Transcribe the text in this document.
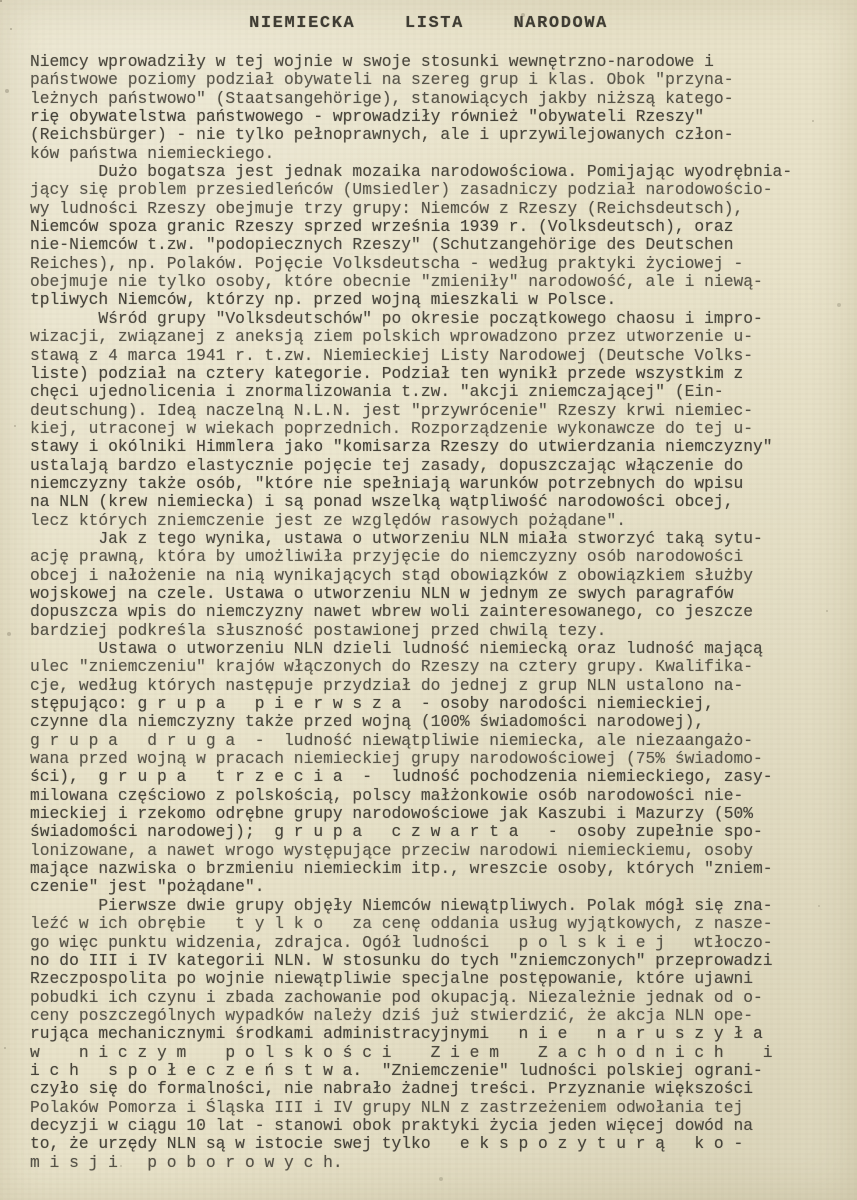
NIEMIECKA  LISTA  NARODOWA
Niemcy wprowadziły w tej wojnie w swoje stosunki wewnętrzno-narodowe i
państwowe poziomy podział obywateli na szereg grup i klas. Obok "przyna-
leżnych państwowo" (Staatsangehörige), stanowiących jakby niższą katego-
rię obywatelstwa państwowego - wprowadziły również "obywateli Rzeszy"
(Reichsbürger) - nie tylko pełnoprawnych, ale i uprzywilejowanych człon-
ków państwa niemieckiego.
Dużo bogatsza jest jednak mozaika narodowościowa. Pomijając wyodrębnia-
jący się problem przesiedleńców (Umsiedler) zasadniczy podział narodowościo-
wy ludności Rzeszy obejmuje trzy grupy: Niemców z Rzeszy (Reichsdeutsch),
Niemców spoza granic Rzeszy sprzed września 1939 r. (Volksdeutsch), oraz
nie-Niemców t.zw. "podopiecznych Rzeszy" (Schutzangehörige des Deutschen
Reiches), np. Polaków. Pojęcie Volksdeutscha - według praktyki życiowej -
obejmuje nie tylko osoby, które obecnie "zmieniły" narodowość, ale i niewą-
tpliwych Niemców, którzy np. przed wojną mieszkali w Polsce.
Wśród grupy "Volksdeutschów" po okresie początkowego chaosu i impro-
wizacji, związanej z aneksją ziem polskich wprowadzono przez utworzenie u-
stawą z 4 marca 1941 r. t.zw. Niemieckiej Listy Narodowej (Deutsche Volks-
liste) podział na cztery kategorie. Podział ten wynikł przede wszystkim z
chęci ujednolicenia i znormalizowania t.zw. "akcji zniemczającej" (Ein-
deutschung). Ideą naczelną N.L.N. jest "przywrócenie" Rzeszy krwi niemiec-
kiej, utraconej w wiekach poprzednich. Rozporządzenie wykonawcze do tej u-
stawy i okólniki Himmlera jako "komisarza Rzeszy do utwierdzania niemczyzny"
ustalają bardzo elastycznie pojęcie tej zasady, dopuszczając włączenie do
niemczyzny także osób, "które nie spełniają warunków potrzebnych do wpisu
na NLN (krew niemiecka) i są ponad wszelką wątpliwość narodowości obcej,
lecz których zniemczenie jest ze względów rasowych pożądane".
Jak z tego wynika, ustawa o utworzeniu NLN miała stworzyć taką sytu-
ację prawną, która by umożliwiła przyjęcie do niemczyzny osób narodowości
obcej i nałożenie na nią wynikających stąd obowiązków z obowiązkiem służby
wojskowej na czele. Ustawa o utworzeniu NLN w jednym ze swych paragrafów
dopuszcza wpis do niemczyzny nawet wbrew woli zainteresowanego, co jeszcze
bardziej podkreśla słuszność postawionej przed chwilą tezy.
Ustawa o utworzeniu NLN dzieli ludność niemiecką oraz ludność mającą
ulec "zniemczeniu" krajów włączonych do Rzeszy na cztery grupy. Kwalifika-
cje, według których następuje przydział do jednej z grup NLN ustalono na-
stępująco: g r u p a   p i e r w s z a  - osoby narodości niemieckiej,
czynne dla niemczyzny także przed wojną (100% świadomości narodowej),
g r u p a   d r u g a  -  ludność niewątpliwie niemiecka, ale niezaangażo-
wana przed wojną w pracach niemieckiej grupy narodowościowej (75% świadomo-
ści),  g r u p a   t r z e c i a  -  ludność pochodzenia niemieckiego, zasy-
milowana częściowo z polskością, polscy małżonkowie osób narodowości nie-
mieckiej i rzekomo odrębne grupy narodowościowe jak Kaszubi i Mazurzy (50%
świadomości narodowej);  g r u p a   c z w a r t a   -  osoby zupełnie spo-
lonizowane, a nawet wrogo występujące przeciw narodowi niemieckiemu, osoby
mające nazwiska o brzmieniu niemieckim itp., wreszcie osoby, których "zniem-
czenie" jest "pożądane".
Pierwsze dwie grupy objęły Niemców niewątpliwych. Polak mógł się zna-
leźć w ich obrębie   t y l k o   za cenę oddania usług wyjątkowych, z nasze-
go więc punktu widzenia, zdrajca. Ogół ludności   p o l s k i e j   wtłoczo-
no do III i IV kategorii NLN. W stosunku do tych "zniemczonych" przeprowadzi
Rzeczpospolita po wojnie niewątpliwie specjalne postępowanie, które ujawni
pobudki ich czynu i zbada zachowanie pod okupacją. Niezależnie jednak od o-
ceny poszczególnych wypadków należy dziś już stwierdzić, że akcja NLN ope-
rująca mechanicznymi środkami administracyjnymi   n i e   n a r u s z y ł a
w    n i c z y m    p o l s k o ś c i    Z i e m    Z a c h o d n i c h    i
i c h   s p o ł e c z e ń s t w a.  "Zniemczenie" ludności polskiej ograni-
czyło się do formalności, nie nabrało żadnej treści. Przyznanie większości
Polaków Pomorza i Śląska III i IV grupy NLN z zastrzeżeniem odwołania tej
decyzji w ciągu 10 lat - stanowi obok praktyki życia jeden więcej dowód na
to, że urzędy NLN są w istocie swej tylko   e k s p o z y t u r ą   k o -
m i s j i   p o b o r o w y c h.
